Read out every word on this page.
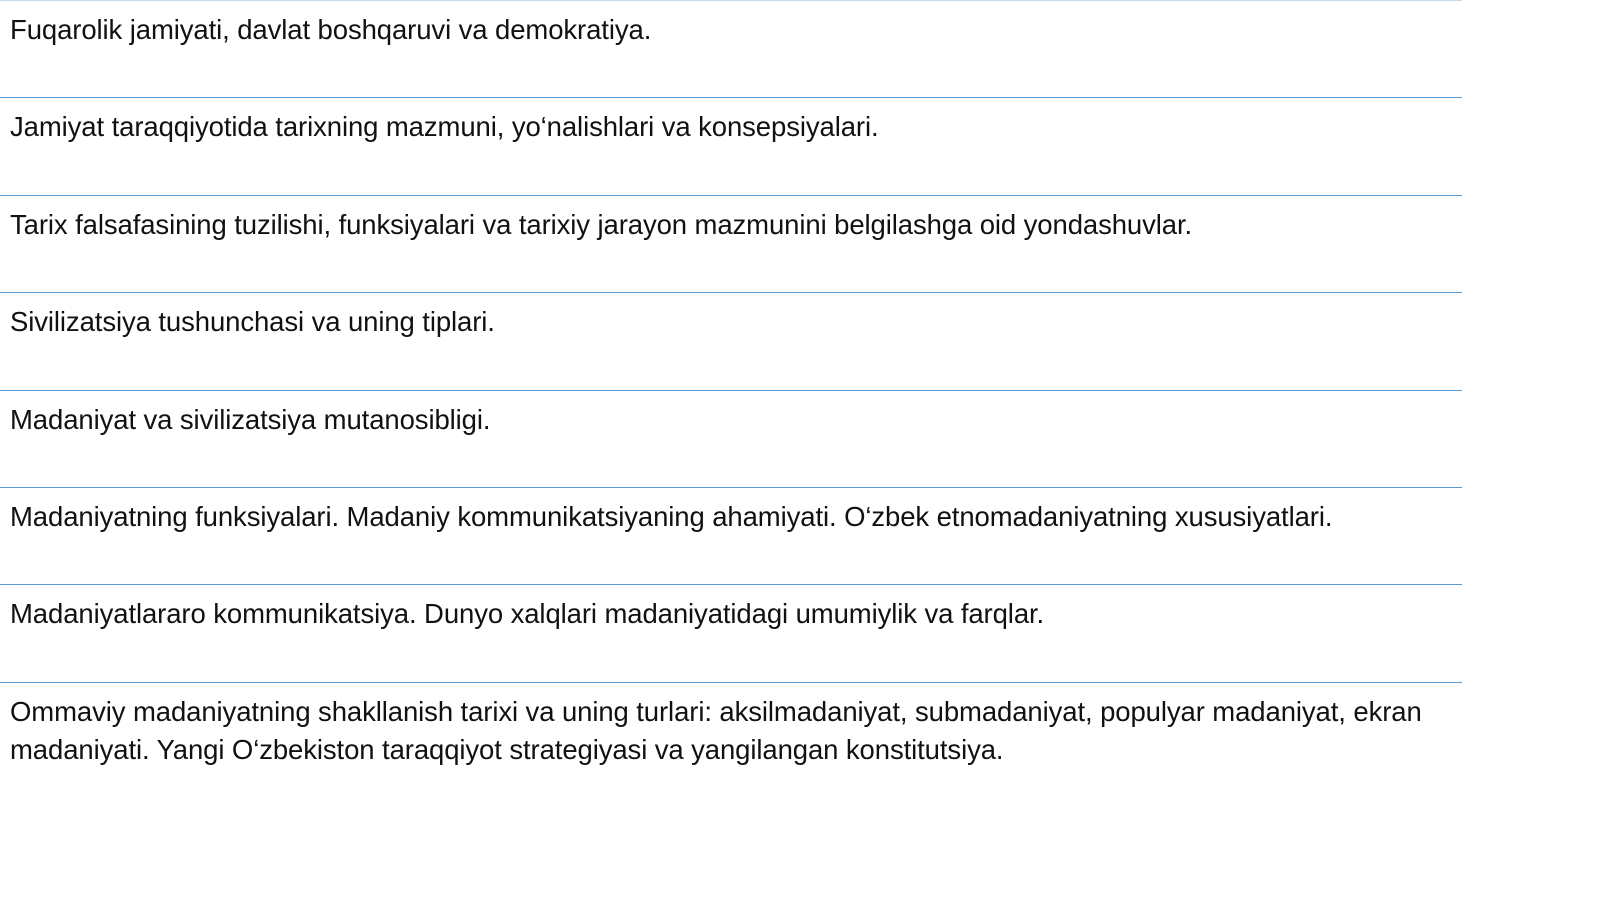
Fuqarolik jamiyati, davlat boshqaruvi va demokratiya.

Jamiyat taraqqiyotida tarixning mazmuni, yo‘nalishlari va konsepsiyalari.

Tarix falsafasining tuzilishi, funksiyalari va tarixiy jarayon mazmunini belgilashga oid yondashuvlar.

Sivilizatsiya tushunchasi va uning tiplari.

Madaniyat va sivilizatsiya mutanosibligi.

Madaniyatning funksiyalari. Madaniy kommunikatsiyaning ahamiyati. O‘zbek etnomadaniyatning xususiyatlari.

Madaniyatlararo kommunikatsiya. Dunyo xalqlari madaniyatidagi umumiylik va farqlar.

Ommaviy madaniyatning shakllanish tarixi va uning turlari: aksilmadaniyat, submadaniyat, populyar madaniyat, ekran madaniyati. Yangi O‘zbekiston taraqqiyot strategiyasi va yangilangan konstitutsiya.
